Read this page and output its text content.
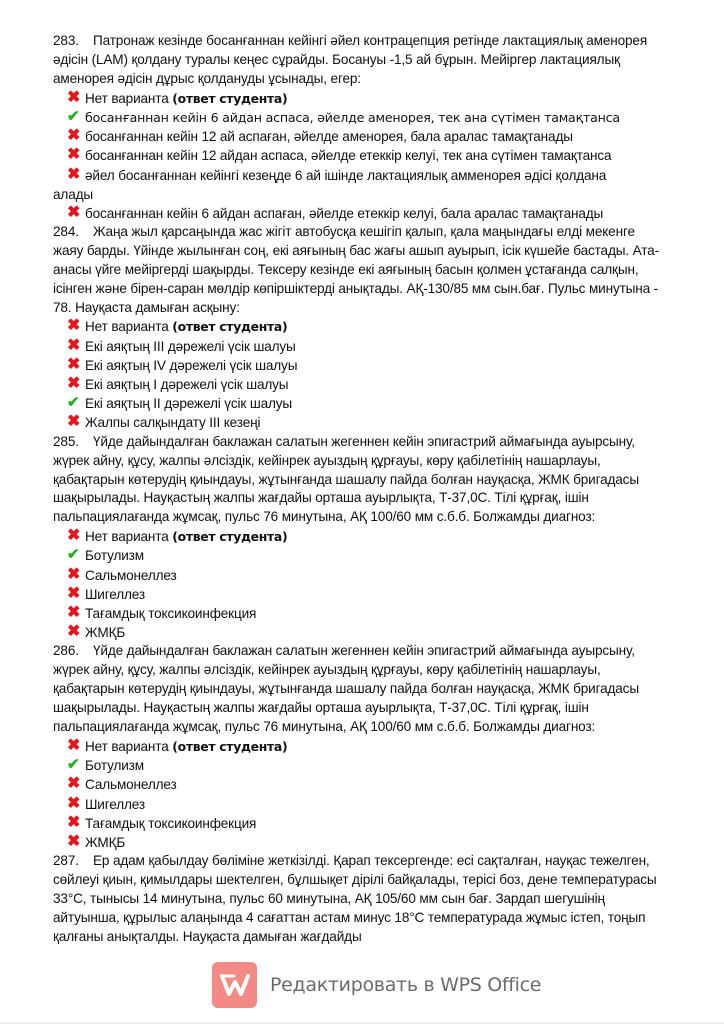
283. Патронаж кезінде босанғаннан кейінгі әйел контрацепция ретінде лактациялық аменорея әдісін (LAM) қолдану туралы кеңес сұрайды. Босануы -1,5 ай бұрын. Мейіргер лактациялық аменорея әдісін дұрыс қолдануды ұсынады, егер:

✖ Нет варианта (ответ студента)
✔ босанғаннан кейін 6 айдан аспаса, әйелде аменорея, тек ана сүтімен тамақтанса
✖ босанғаннан кейін 12 ай аспаған, әйелде аменорея, бала аралас тамақтанады
✖ босанғаннан кейін 12 айдан аспаса, әйелде етеккір келуі, тек ана сүтімен тамақтанса
✖ әйел босанғаннан кейінгі кезеңде 6 ай ішінде лактациялық амменорея әдісі қолдана
алады
✖ босанғаннан кейін 6 айдан аспаған, әйелде етеккір келуі, бала аралас тамақтанады

284. Жаңа жыл қарсаңында жас жігіт автобусқа кешігіп қалып, қала маңындағы елді мекенге жаяу барды. Үйінде жылынған соң, екі аяғының бас жағы ашып ауырып, ісік күшейе бастады. Ата-анасы үйге мейіргерді шақырды. Тексеру кезінде екі аяғының басын қолмен ұстағанда салқын, ісінген және бірен-саран мөлдір көпіршіктерді анықтады. АҚ-130/85 мм сын.бағ. Пульс минутына - 78. Науқаста дамыған асқыну:

✖ Нет варианта (ответ студента)
✖ Екі аяқтың III дәрежелі үсік шалуы
✖ Екі аяқтың IV дәрежелі үсік шалуы
✖ Екі аяқтың I дәрежелі үсік шалуы
✔ Екі аяқтың II дәрежелі үсік шалуы
✖ Жалпы салқындату III кезеңі

285. Үйде дайындалған баклажан салатын жегеннен кейін эпигастрий аймағында ауырсыну, жүрек айну, құсу, жалпы әлсіздік, кейінрек ауыздың құрғауы, көру қабілетінің нашарлауы, қабақтарын көтерудің қиындауы, жұтынғанда шашалу пайда болған науқасқа, ЖМК бригадасы шақырылады. Науқастың жалпы жағдайы орташа ауырлықта, Т-37,0С. Тілі құрғақ, ішін пальпациялағанда жұмсақ, пульс 76 минутына, АҚ 100/60 мм с.б.б. Болжамды диагноз:

✖ Нет варианта (ответ студента)
✔ Ботулизм
✖ Сальмонеллез
✖ Шигеллез
✖ Тағамдық токсикоинфекция
✖ ЖМҚБ

286. Үйде дайындалған баклажан салатын жегеннен кейін эпигастрий аймағында ауырсыну, жүрек айну, құсу, жалпы әлсіздік, кейінрек ауыздың құрғауы, көру қабілетінің нашарлауы, қабақтарын көтерудің қиындауы, жұтынғанда шашалу пайда болған науқасқа, ЖМК бригадасы шақырылады. Науқастың жалпы жағдайы орташа ауырлықта, Т-37,0С. Тілі құрғақ, ішін пальпациялағанда жұмсақ, пульс 76 минутына, АҚ 100/60 мм с.б.б. Болжамды диагноз:

✖ Нет варианта (ответ студента)
✔ Ботулизм
✖ Сальмонеллез
✖ Шигеллез
✖ Тағамдық токсикоинфекция
✖ ЖМҚБ

287. Ер адам қабылдау бөліміне жеткізілді. Қарап тексергенде: есі сақталған, науқас тежелген, сөйлеуі қиын, қимылдары шектелген, бұлшықет дірілі байқалады, терісі боз, дене температурасы 33°С, тынысы 14 минутына, пульс 60 минутына, АҚ 105/60 мм сын бағ. Зардап шегушінің айтуынша, құрылыс алаңында 4 сағаттан астам минус 18°С температурада жұмыс істеп, тоңып қалғаны анықталды. Науқаста дамыған жағдайды

Редактировать в WPS Office
